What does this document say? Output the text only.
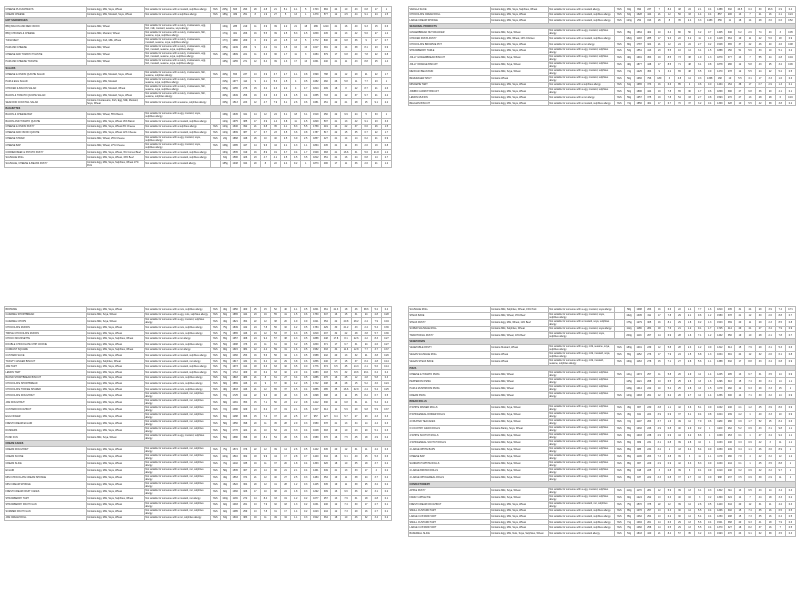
CHEESE PLOUGHMAN'S	Contains Egg, Milk, Soya, Wheat	Not suitable for someone with a mustard, sulphites allergy.	YES	205g	603	293	29	4.8	21	5.1	4.1	5	1703	684	24	10	43	0.8	17	1
CREAM CHEESE	Contains Egg, Milk, Mustard, Soya, Wheat	Not suitable for someone with a sulphites allergy.	YES	186g	469	251	8	1.9	27	5	13	1	1379	577	12	4.5	44	9.1	24	1.5
HOT SANDWICHES																				
BBQ BACON AND RED ONION	Contains Milk, Wheat	Not suitable for someone with a celery, crustaceans, egg, fish, milk, mustard, sesame, soya allergy.		130g	285	219	11	3.9	39	2.2	21	18	289	1210	21	16	40	9.3	15	0.6
BBQ CHICKEN & CHEESE	Contains Milk, Mustard, Wheat	Not suitable for someone with a celery, crustaceans, fish, sesame, soya, sulphites allergy.		173g	461	266	16	5.5	39	2.5	8.3	4.5	1839	445	22	13	42	5.6	27	1.2
TUNA MELT	Contains Egg, Fish, Milk, Wheat	Not suitable for someone with a celery, crustaceans, mustard, sesame, soya, sulphites allergy.		177g	1980	209	6	3.9	22	1.5	13	5	1772	846	20	9.8	36	9	17	0.7
HAM AND CHEESE	Contains Milk, Wheat	Not suitable for someone with a celery, crustaceans, egg, fish, mustard, sesame, soya, sulphites allergy.		155g	1249	263	9	4.2	31	1.5	16	13	1617	391	22	14	38	8.1	23	0.9
CHEESE AND TOMATO TOASTIE	Contains Milk, Wheat	Not suitable for someone with a celery, crustaceans, egg, fish, mustard, sesame, soya, sulphites allergy.	YES	165g	1809	221	11	6.3	36	1.7	11	3	1684	679	17	6.8	40	7.8	22	0.8
HAM AND CHEESE TOASTIE	Contains Milk, Wheat	Not suitable for someone with a celery, crustaceans, egg, fish, mustard, sesame, soya, sulphites allergy.		165g	1255	271	12	6.4	39	1.3	17	13	1661	440	21	11	43	8.8	25	1.4
SALADS																				
CHEESE & ONION QUICHE SALAD	Contains Egg, Milk, Mustard, Soya, Wheat	Not suitable for someone with a celery, crustaceans, fish, sesame, sulphites allergy.	YES	405g	653	237	13	3.9	3.7	2.7	4.1	0.8	1599	788	22	12	29	21	22	1.7
HAM & EGG SALAD	Contains Egg, Milk, Mustard	Not suitable for someone with a celery, crustaceans, fish, sesame, soya, sulphites allergy.		315g	1977	114	9	2.1	5.3	1.5	4	0.5	1682	482	26	5.8	11	7.7	23	1
CHICKEN & BACON SALAD	Contains Egg, Milk, Mustard, Wheat	Not suitable for someone with a celery, crustaceans, fish, sesame, soya, sulphites allergy.		325g	1455	276	15	3.2	2.3	2.2	4	4.7	1814	409	18	8	22	8.7	21	2.6
BACON & TOMATO QUICHE SALAD	Contains Egg, Milk, Mustard, Soya, Wheat	Not suitable for someone with a celery, crustaceans, fish, sesame, sulphites allergy.		405g	1649	256	16	3.6	3.3	2.6	4.5	0.4	1655	703	21	12	37	9.7	21	2.2
SEAFOOD COCKTAIL SALAD	Contains Crustaceans, Fish, Egg, Milk, Mustard, Soya, Wheat	Not suitable for someone with a sesame, sulphites allergy.		345g	1513	223	12	4.7	7.9	3.1	2.6	0.6	1681	451	22	21	28	15	9.1	2.2
BAGUETTES																				
BACON & CHEESE BAP	Contains Milk, Wheat, 55% Bacon	Not suitable for someone with a egg, mustard, soya, sulphites allergy.		168g	1645	341	14	12	24	3.1	18	3.1	1519	450	22	9.9	24	5	33	1
BACON AND TOMATO QUICHE	Contains Egg, Milk, Soya, Wheat 16% Bacon	Not suitable for someone with a mustard, sulphites allergy.		123g	1975	385	17	3.9	1.4	3.8	11	4.5	1829	507	21	13	42	9.1	23	3.3
CHEESE & ONION PASTY	Contains Egg, Milk, Soya, Wheat 8% Cheese	Not suitable for someone with a sulphites allergy.	YES	123g	1646	392	21	6.8	35	4.1	8.3	5.5	1759	419	14	22	37	6.6	26	1.5
CHEESE AND ONION QUICHE	Contains Egg, Milk, Soya, Wheat 12% Cheese	Not suitable for someone with a mustard, sulphites allergy.	YES	123g	1839	387	17	6.7	23	3.5	3.6	0.8	1787	517	22	15	35	6.7	22	1.7
CHEESE STRAW	Contains Milk, Wheat, 25% Cheese	Not suitable for someone with a egg, mustard, soya, sulphites allergy.	YES	23g	1868	448	26	10	40	2.5	3.9	2.5	1857	427	21	14	14	6.2	21	0.9
CHEESE BAP	Contains Milk, Wheat, 27% Cheese	Not suitable for someone with a egg, mustard, soya, sulphites allergy.	YES	138g	1385	447	14	9.6	44	2.1	4.3	1.1	1864	445	21	11	33	2.6	19	0.8
CORNED BEEF & POTATO PASTY	Contains Egg, Milk, Soya, Wheat, 9% Corned Beef	Not suitable for someone with a mustard, sulphites allergy.		163g	1535	319	16	8.9	19	3.7	0.4	1.7	1549	383	21	16.6	31	5.6	21.8	1.2
SAUSAGE ROLL	Contains Egg, Milk, Soya, Wheat, 33% Beef	Not suitable for someone with a mustard, sulphites allergy.		63g	1596	426	23	4.7	4.1	2.5	4.5	3.5	1812	351	21	16	24	6.8	14	2.7
SAUSAGE, CHEESE & BEANS PASTY	Contains Egg, Milk, Soya, Sulphites, Wheat 17% Pork	Not suitable for someone with a mustard allergy.		185g	1048	344	20	8	22	2.4	9.2	1	1873	496	17	11	36	2.6	21	1.2
VANILLA SLICE	Contains Egg, Milk, Soya, Sulphites, Wheat	Not suitable for someone with a mustard allergy.	YES	94g	992	237	7	8.4	48	24	2.1	0.4	1388	332	23.5	0.4	30	26.6	2.9	0.4
CHOCOLATE CREAM ROLL	Contains Egg, Milk, Soya, Wheat	Not suitable for someone with a mustard, sulphites allergy.	YES	63g	1628	444	21	12	56	33	4.4	0.4	857	206	13	7	21	16	2.1	0.24
LARGE CREAM SPONGE	Contains Egg, Milk, Soya, Wheat	Not suitable for someone with a mustard, sulphites allergy.	YES	123g	252	193	26	8	35	2.4	3.3	1483	356	11	18	14	28	3.6	0.6	0.52
SEASONAL PRODUCTS																				
GINGERBREAD NUTCRACKER	Contains Milk, Soya, Wheat	Not suitable for someone with a egg, mustard, sulphites allergy.	YES	35g	1664	402	10	6.4	80	50	3.2	0.7	1405	346	6.2	2.6	74	43	3	0.05
CHICKEN PASTA PASTY	Contains Egg, Milk, Wheat, 10% Chicken	Not suitable for someone with a mustard, sulphites allergy.		182g	1193	285	17	9.3	22	3.2	11	1.9	1418	364	19	11	22	5.6	18	0.9
CHOCOLATE BROWNIE POT	Contains Egg, Milk, Soya, Wheat	Not suitable for someone with a nut allergy.	YES	80g	1787	324	21	12	24	24	2.7	0.2	1548	365	37	22	46	40	4.6	0.08
STRAWBERRY TARLE	Contains Egg, Milk, Soya, Wheat	Not suitable for someone with a egg, mustard, sulphites allergy.	YES	53g	1551	413	23	5.5	16	14	3.1	1.5	1888	150	51	5.6	33	10	5.1	0.2
JOLLY GINGERBREAD BISCUIT	Contains Milk, Soya, Wheat	Not suitable for someone with a egg, mustard, sulphites allergy.	YES	48g	1991	453	19	8.5	73	38	1.9	1.3	1879	377	13	7	55	44	2.8	0.04
JOLLY ORANGE BISCUIT	Contains Milk, Soya, Wheat	Not suitable for someone with a egg, mustard, sulphites allergy.	YES	48g	1877	448	17	8.5	71	48	3.1	0.8	1878	286	12	5.8	43	25	3.2	0.06
MEXICAN BEAN BUN	Contains Milk, Soya, Wheat	Not suitable for someone with a egg, mustard, sulphites allergy.	YES	74g	1225	453	9	3.2	65	48	3.5	0.9	1470	278	12	5.5	24	22	5.2	0.5
BEVERAGER SPLIT	Contains Wheat	Not suitable for someone with a egg, mustard, sulphites allergy.	YES	50g	1966	796	189	3	3.8	14	0.3	1368	168	10	5.5	3.1	17	3.3	1.6	0.3
MINCEPIE TART	Contains Egg, Milk, Soya, Wheat	Not suitable for someone with a sulphites allergy.	YES	64g	1965	373	16	6.6	85	2	0.6	0.0	1464	154	38	17	3.7	2.9	1.3	0.1
JOMBO CARROT BISCUIT	Contains Egg, Milk, Soya, Wheat	Not suitable for someone with a egg, mustard, sulphites allergy.	YES	50g	1896	444	19	7.8	65	30	4.7	0.6	1839	390	27	6.8	36	20	4.1	0.1
LEMON MUFFIN	Contains Egg, Milk, Soya, Wheat	Not suitable for someone with a nut allergy.	YES	59g	1957	375	19	7.8	54	33	2.7	0.8	1593	270	27	13	28	28	6	0.16
BELGIAN BISCUIT	Contains Egg, Milk, Soya, Wheat	Not suitable for someone with a mustard, sulphites allergy.	YES	74g	1856	461	17	6.7	70	37	3.2	0.4	1369	328	10	5.5	42	38	3.8	0.2
BROWNIE	Contains Egg, Milk, Soya, Wheat	Not suitable for someone with a nuts, sulphites allergy.	YES	46g	1950	460	25	15	52	40	4.1	0.5	1841	361	21.3	18	46	38.6	5.2	0.4
CARAMEL SHORTBREAD	Contains Milk, Soya, Wheat	Not suitable for someone with a egg, nuts, sulphites allergy.	YES	60g	1865	444	23	16	55	41	1.5	0.6	1750	347	16	15	31	24	2.8	0.28
CARAMEL CHOPS	Contains Milk, Soya, Wheat	Not suitable for someone with a egg, mustard, sulphites allergy.	YES	46g	1821	454	22	12	38	20	4.9	0.9	1621	354	22	20.8	28.2	2.4	7.9	0.04
CHOCOLATE MUFFIN	Contains Egg, Milk, Soya, Wheat	Not suitable for someone with a nuts, sulphites allergy.	YES	75g	1849	442	24	7.8	56	32	4.2	0.5	1784	429	30	21.2	43	2.4	5.4	0.36
TRIPLE CHOCOLATE MUFFIN	Contains Egg, Milk, Soya, Wheat	Not suitable for someone with a nuts, sulphites allergy.	YES	75g	1865	446	24	12	53	37	4.3	0.5	1819	437	32	22	48	3.8	5.7	0.36
CHOCO MOUSSETTE	Contains Egg, Milk, Soya, Sulphites, Wheat	Not suitable for someone with a nut allergy.	YES	65g	1957	468	24	9.4	57	38	4.3	0.5	1888	448	17.8	8.1	22.6	4.2	8.3	0.27
DOUBLE CHOCOLATE CHIP COOKIE	Contains Egg, Milk, Soya, Wheat	Not suitable for someone with a nuts, sulphites allergy.	YES	50g	1998	476	24	11	61	34	3.2	0.5	1830	371	17	6.7	31	24	2.6	0.27
CURRANT SQUARE	Contains Egg, Milk, Soya, Sulphites, Wheat	Not suitable for someone with a nut allergy.	YES	90g	1615	384	12	4.4	59	31	1.6	0.5	1582	333	34	11.6	12.8	7.7	3.7	0.37
CUSTARD SLICE	Contains Egg, Milk, Soya, Wheat	Not suitable for someone with a mustard, sulphites allergy.	YES	82g	1066	253	16	5.6	56	34	1.3	0.5	1588	242	20	13	32	21	3.8	0.26
TOASTY GINGER BISCUIT	Contains Egg, Sulphites, Wheat	Not suitable for someone with a mustard, nut allergy.	YES	65g	1817	434	16	6.4	42	29	3.8	0.6	1856	446	27	15	37	8.4	4.8	0.14
JAM TART	Contains Egg, Milk, Soya, Wheat	Not suitable for someone with a mustard, sulphites allergy.	YES	79g	1973	414	18	6.3	63	32	3.5	0.0	1776	374	6.5	45	14.3	2.1	5.6	0.14
LEMON TART	Contains Egg, Milk, Soya, Wheat	Not suitable for someone with a mustard, sulphites allergy.	YES	79g	1712	409	18	6.2	63	32	2.9	0.4	1683	403	5.5	32	19.6	23.1	6.4	0.4
BLOND SHORTBREAD BISCUIT	Contains Egg, Milk, Soya, Wheat	Not suitable for someone with a nuts, sulphites allergy.	YES	63g	1818	483	21	8	61	27	3.4	0.5	1886	476	16	25	12	4.8	5.8	0.3
CHOCOLATE SHORTBREAD	Contains Egg, Milk, Soya, Wheat	Not suitable for someone with a nuts, sulphites allergy.	YES	68g	1869	446	24	9	67	30	4.2	0.5	1742	408	18	28	15	5.2	3.6	0.24
CHOCOLATE TOFFEE SHARER	Contains Egg, Milk, Soya, Wheat	Not suitable for someone with a nuts, sulphites allergy.	YES	48g	1833	446	21	12	65	37	4.5	0.4	1886	485	35	16.6	32.9	2.4	5.4	0.25
CHOCOLATE DOUGHNUT	Contains Egg, Milk, Soya, Wheat	Not suitable for someone with a mustard, nut, sulphites allergy.	YES	70g	1725	412	22	9.3	46	20	3.3	0.5	1698	398	13	11	35	8.2	6.7	0.5
JAM DOUGHNUT	Contains Egg, Milk, Soya, Wheat	Not suitable for someone with a mustard, nut, sulphites allergy.	YES	68g	1481	353	15	7.1	50	23	2.2	0.8	1412	336	12	6.8	31	11	5.4	0.4
CUSTARD DOUGHNUT	Contains Egg, Milk, Soya, Wheat	Not suitable for someone with a mustard, nut, sulphites allergy.	YES	72g	1380	329	13	6.2	47	19	2.1	0.6	1317	314	11	5.9	29	9.8	5.9	0.37
EGG FINGER	Contains Egg, Milk, Soya, Wheat	Not suitable for someone with a mustard, nut, sulphites allergy.	YES	66g	1288	306	15	7.2	37	22	2.5	0.7	957	227	9.4	5.7	27	23	4.3	0.3
FRESH CREAM ECLAIR	Contains Egg, Milk, Soya, Wheat	Not suitable for someone with a mustard, nut, sulphites allergy.	YES	58g	1656	398	20	11	45	28	2.9	0.3	1580	378	21	13	34	14	4.4	0.3
DUNKERS	Contains Egg, Milk, Soya, Wheat	Not suitable for someone with a mustard, nut, sulphites allergy.	YES	50g	1776	424	21	10	52	24	3.3	0.4	1648	393	19	10	43	20	5.1	0.3
PUNK FUN	Contains Milk, Soya, Wheat	Not suitable for someone with a egg, mustard, sulphites allergy.	YES	56g	1680	396	18	8.1	54	26	3.5	0.6	1589	376	16	7.5	45	18	4.9	0.2
CREAM CAKES																				
CREAM DOUGHNUT	Contains Egg, Milk, Soya, Wheat	Not suitable for someone with a mustard, nut, sulphites allergy.	YES	75g	1574	376	22	12	39	14	2.6	0.5	1442	345	20	12	31	11	4.2	0.3
CREAM SCONE	Contains Egg, Milk, Soya, Wheat	Not suitable for someone with a mustard, nut, sulphites allergy.	YES	103g	1516	362	18	9.9	44	17	2.8	0.7	1440	344	16	9.1	40	15	5.3	0.6
CREAM SLICE	Contains Egg, Milk, Soya, Wheat	Not suitable for someone with a mustard, nut, sulphites allergy.	YES	76g	1402	335	19	11	37	20	1.8	0.4	1363	326	18	10	35	18	3.7	0.2
ECLAIR	Contains Egg, Milk, Soya, Wheat	Not suitable for someone with a mustard, nut, sulphites allergy.	YES	58g	1535	367	23	14	36	21	2.1	0.4	1461	349	21	13	33	17	4	0.2
MINI CHOCOLATE CREAM SPONGE	Contains Egg, Milk, Soya, Wheat	Not suitable for someone with a mustard, nut, sulphites allergy.	YES	49g	1563	374	21	12	40	27	2.5	0.3	1484	354	19	11	38	24	3.7	0.2
MINI CREAM SPONGE	Contains Egg, Milk, Soya, Wheat	Not suitable for someone with a mustard, nut, sulphites allergy.	YES	49g	1522	364	20	12	41	28	1.2	0.3	1445	345	19	11	39	25	3.2	0.2
FRESH CREAM FRUIT CAKES	Contains Egg, Milk, Soya, Wheat	Not suitable for someone with a mustard, nut, sulphites allergy.	YES	82g	1366	326	17	10	38	24	1.8	0.3	1292	309	16	9.6	36	22	3.1	0.2
STRAWBERRY TART	Contains Egg, Milk, Soya, Sulphites, Wheat	Not suitable for someone with a mustard, nut allergy.	YES	100g	1139	272	14	8.4	33	19	1.2	0.2	1077	257	13	7.9	31	18	2.8	0.1
STRAWBERRY FRUIT FLAN	Contains Egg, Milk, Soya, Wheat	Not suitable for someone with a mustard, nut, sulphites allergy.	YES	92g	1093	261	13	7.9	32	18	1.3	0.2	1031	246	12	7.4	30	17	2.7	0.1
SUMMER FRUIT FLAN	Contains Egg, Milk, Soya, Wheat	Not suitable for someone with a mustard, nut, sulphites allergy.	YES	92g	1085	259	13	7.8	31	17	1.4	0.2	1023	244	12	7.3	29	16	2.7	0.1
JAM CREAM ROLL	Contains Egg, Milk, Soya, Wheat	Not suitable for someone with a nut, sulphites allergy.	YES	63g	1604	383	19	11	49	34	1.1	0.3	1522	364	18	10	46	32	3.4	0.2
SAUSAGE ROLL	Contains Milk, Sulphites, Wheat, 19% Pork	Not suitable for someone with a egg, mustard, soya allergy.		58g	1098	263	16	6.6	22	1.4	7.7	1.6	1810	435	31	24	29	3.9	7.4	0.71
STEAK BAKE	Contains Milk, Wheat, 15% Beef	Not suitable for someone with a egg, mustard, soya, sulphites allergy.		162g	1305	311	17	7.8	29	2.1	9.6	1.2	1580	378	21	12	30	2.6	8.8	0.7
STEAK PASTY	Contains Egg, Milk, Wheat, 11% Beef	Not suitable for someone with a mustard, soya, sulphites allergy.		175g	1279	305	16	8.1	29	1.8	9.2	1.3	1543	369	20	11	29	2.3	8.5	0.8
SUPER SAUSAGE ROLL	Contains Milk, Sulphites, Wheat	Not suitable for someone with a egg, mustard, soya allergy.		112g	1186	284	18	7.6	21	1.2	9.1	1.7	1725	414	29	21	27	3.4	7.9	0.9
TRADITIONAL PASTY	Contains Milk, Wheat, 10% Beef	Not suitable for someone with a egg, mustard, soya, sulphites allergy.		200g	1116	267	14	6.9	28	1.6	7.1	1.2	1462	350	19	10	28	2.1	7.8	0.7
VEGETARIAN																				
VEGETABLE PASTY	Contains Mustard, Wheat	Not suitable for someone with a egg, milk, sesame, soya, sulphites allergy.	YES	183g	1001	239	12	5.8	28	2.3	4.2	0.9	1312	314	15	7.9	29	3.1	5.3	0.6
VEGAN SAUSAGE ROLL	Contains Wheat	Not suitable for someone with a egg, milk, mustard, soya, sulphites allergy.	YES	65g	1152	276	17	7.9	24	1.5	6.8	1.3	1634	391	24	12	32	2.6	6.1	0.8
VEGAN STEAK BAKE	Contains Wheat	Not suitable for someone with a egg, milk, mustard, sesame, sulphites allergy.	YES	160g	1163	278	15	7.1	27	2.8	5.6	1.1	1388	332	17	8.8	33	3.4	6.8	0.9
PIZZA																				
CHEESE & TOMATO PIZZA	Contains Milk, Wheat	Not suitable for someone with a egg, mustard, sulphites allergy.	YES	141g	1074	257	11	5.8	26	2.9	12	1.4	1235	295	13	6.7	31	3.5	14	0.9
PEPPERONI PIZZA	Contains Milk, Wheat	Not suitable for someone with a egg, mustard, sulphites allergy.		145g	1121	268	13	6.5	25	2.6	13	1.6	1296	310	15	7.4	30	3.1	14	1.1
HAM & MUSHROOM PIZZA	Contains Milk, Wheat	Not suitable for someone with a egg, mustard, sulphites allergy.		148g	1014	242	10	5.4	25	2.8	13	1.5	1179	282	12	6.3	29	3.3	15	1
CREAM PIZZA	Contains Milk, Wheat	Not suitable for someone with a egg, mustard, sulphites allergy.	YES	143g	1093	261	12	6.2	26	2.7	12	1.4	1256	300	14	7.1	30	3.2	14	0.9
BREAD ROLLS																				
8 WHITE DINNER ROLLS	Contains Milk, Soya, Wheat	Not suitable for someone with a egg, mustard, sulphites allergy.	YES	45g	967	230	3.8	1.1	42	3.6	8.1	0.9	1032	246	4.1	1.2	45	3.9	8.6	0.9
8 WHOLEMEAL DINNER ROLLS	Contains Milk, Soya, Wheat	Not suitable for someone with a egg, mustard, sulphites allergy.	YES	45g	941	224	3.9	0.9	37	3.1	9.4	0.8	1004	239	4.2	1	40	3.3	10	0.9
4 FRUITED TEACAKES	Contains Milk, Soya, Wheat	Not suitable for someone with a egg, mustard, sulphites allergy.	YES	72g	1107	263	3.7	1.6	49	14	7.9	0.6	1180	280	3.9	1.7	52	15	8.4	0.6
6 COUNTRY GRAIN ROLLS	Contains Barley, Soya, Wheat	Not suitable for someone with a egg, mustard, sulphites allergy.	YES	65g	1032	246	4.9	0.8	40	2.9	9.2	1	1100	262	5.2	0.9	43	3.1	9.8	1.1
4 WHITE SCOTCH ROLLS	Contains Milk, Soya, Wheat	Not suitable for someone with a egg, mustard, sulphites allergy.	YES	65g	1003	238	2.9	0.9	44	3.2	8.6	1	1069	253	3.1	1	47	3.4	9.2	1.1
4 WHOLEMEAL SCOTCH ROLLS	Contains Milk, Soya, Wheat	Not suitable for someone with a egg, mustard, sulphites allergy.	YES	65g	969	231	3.1	0.8	39	2.8	10	1	1033	246	3.3	0.9	42	3	11	1.1
4 LARGE WHITE BAPS	Contains Milk, Soya, Wheat	Not suitable for someone with a egg, mustard, sulphites allergy.	YES	85g	985	234	3.2	1	43	3.4	8.4	0.9	1050	249	3.4	1.1	46	3.6	8.9	1
CHEESE BAP	Contains Milk, Soya, Wheat	Not suitable for someone with a egg, mustard, sulphites allergy.	YES	85g	1106	263	7.3	3.8	39	3	11	1.1	1179	280	7.8	4	42	3.2	12	1.2
SANDWICH WHITE ROLLS	Contains Milk, Soya, Wheat	Not suitable for someone with a egg, mustard, sulphites allergy.	YES	85g	967	229	2.9	0.9	42	3.3	8.3	0.9	1030	244	3.1	1	45	3.5	8.8	1
4 LARGE BROWN ROLLS	Contains Milk, Soya, Wheat	Not suitable for someone with a egg, mustard, sulphites allergy.	YES	85g	948	225	3	0.8	39	3	9.1	0.9	1010	240	3.2	0.9	42	3.2	9.7	1
4 LARGE WHOLEMEAL ROLLS	Contains Milk, Soya, Wheat	Not suitable for someone with a egg, mustard, sulphites allergy.	YES	85g	937	222	3.3	0.8	37	2.7	10	0.9	998	237	3.5	0.9	39	2.9	11	1
CONFECTIONERY																				
APPLE PASTY	Contains Milk, Soya, Wheat	Not suitable for someone with a egg, mustard, sulphites allergy.	YES	110g	1176	281	12	5.9	39	13	3.1	0.3	1302	311	13	6.5	43	14	3.4	0.3
FAMILY APPLE PIE	Contains Milk, Soya, Wheat	Not suitable for someone with a egg, mustard, sulphites allergy.	YES	90g	1224	292	13	6.3	40	16	3	0.2	1360	324	14	7	44	18	3.3	0.2
FRESH CREAM DOUGHNUT	Contains Egg, Milk, Soya, Wheat	Not suitable for someone with a mustard, nut, sulphites allergy.	YES	75g	1570	375	22	12	39	14	2.6	0.5	1440	344	20	12	31	11	4.2	0.3
SMALL CUSTARD TART	Contains Egg, Milk, Soya, Wheat	Not suitable for someone with a mustard, sulphites allergy.	YES	85g	1076	257	13	6.3	30	14	5.5	0.4	1266	302	15	7.4	35	16	6.5	0.5
LARGE CUSTARD TART	Contains Egg, Milk, Soya, Wheat	Not suitable for someone with a mustard, sulphites allergy.	YES	85g	1062	254	13	6.2	30	14	5.4	0.4	1250	298	15	7.3	35	16	6.4	0.5
SMALL CUSTARD TART	Contains Egg, Milk, Soya, Wheat	Not suitable for someone with a mustard, sulphites allergy.	YES	71g	1094	261	14	6.6	29	13	5.6	0.4	1541	368	20	9.3	41	18	7.9	0.6
LARGE CUSTARD TART	Contains Egg, Milk, Soya, Wheat	Not suitable for someone with a mustard, sulphites allergy.	YES	79g	1082	258	14	6.5	29	13	5.5	0.4	1370	327	18	8.2	37	16	7	0.5
BAKEWELL SLICE	Contains Egg, Milk, Nuts, Soya, Sulphites, Wheat	Not suitable for someone with a mustard allergy.	YES	54g	1843	440	21	8.4	57	35	3.2	0.3	1993	476	23	9.1	62	38	3.5	0.3
